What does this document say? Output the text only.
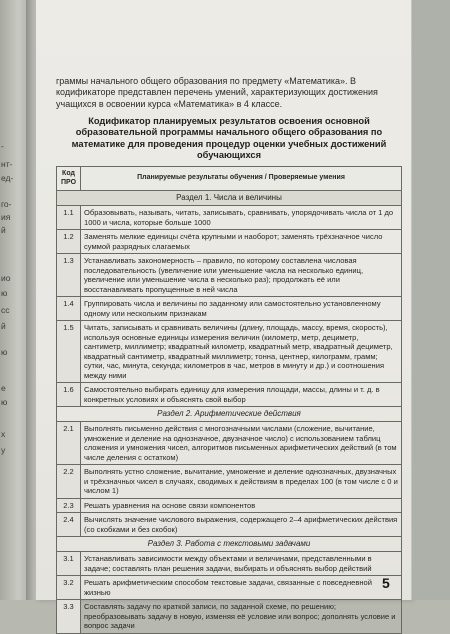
-
нт-
ед-
го-
ия
й
ио
ю
сс
й
ю
е
ю
х
у

граммы начального общего образования по предмету «Математика». В кодификаторе представлен перечень умений, характеризующих достижения учащихся в освоении курса «Математика» в 4 классе.

Кодификатор планируемых результатов освоения основной образовательной программы начального общего образования по математике для проведения процедур оценки учебных достижений обучающихся

Код ПРО	Планируемые результаты обучения / Проверяемые умения
Раздел 1. Числа и величины	
1.1	Образовывать, называть, читать, записывать, сравнивать, упорядочивать числа от 1 до 1000 и числа, которые больше 1000
1.2	Заменять мелкие единицы счёта крупными и наоборот; заменять трёхзначное число суммой разрядных слагаемых
1.3	Устанавливать закономерность – правило, по которому составлена числовая последовательность (увеличение или уменьшение числа на несколько единиц, увеличение или уменьшение числа в несколько раз); продолжать её или восстанавливать пропущенные в ней числа
1.4	Группировать числа и величины по заданному или самостоятельно установленному одному или нескольким признакам
1.5	Читать, записывать и сравнивать величины (длину, площадь, массу, время, скорость), используя основные единицы измерения величин (километр, метр, дециметр, сантиметр, миллиметр; квадратный километр, квадратный метр, квадратный дециметр, квадратный сантиметр, квадратный миллиметр; тонна, центнер, килограмм, грамм; сутки, час, минута, секунда; километров в час, метров в минуту и др.) и соотношения между ними
1.6	Самостоятельно выбирать единицу для измерения площади, массы, длины и т. д. в конкретных условиях и объяснять свой выбор
Раздел 2. Арифметические действия	
2.1	Выполнять письменно действия с многозначными числами (сложение, вычитание, умножение и деление на однозначное, двузначное число) с использованием таблиц сложения и умножения чисел, алгоритмов письменных арифметических действий (в том числе деления с остатком)
2.2	Выполнять устно сложение, вычитание, умножение и деление однозначных, двузначных и трёхзначных чисел в случаях, сводимых к действиям в пределах 100 (в том числе с 0 и числом 1)
2.3	Решать уравнения на основе связи компонентов
2.4	Вычислять значение числового выражения, содержащего 2–4 арифметических действия (со скобками и без скобок)
Раздел 3. Работа с текстовыми задачами	
3.1	Устанавливать зависимости между объектами и величинами, представленными в задаче; составлять план решения задачи, выбирать и объяснять выбор действий
3.2	Решать арифметическим способом текстовые задачи, связанные с повседневной жизнью
3.3	Составлять задачу по краткой записи, по заданной схеме, по решению; преобразовывать задачу в новую, изменяя её условие или вопрос; дополнять условие и вопрос задачи
5
